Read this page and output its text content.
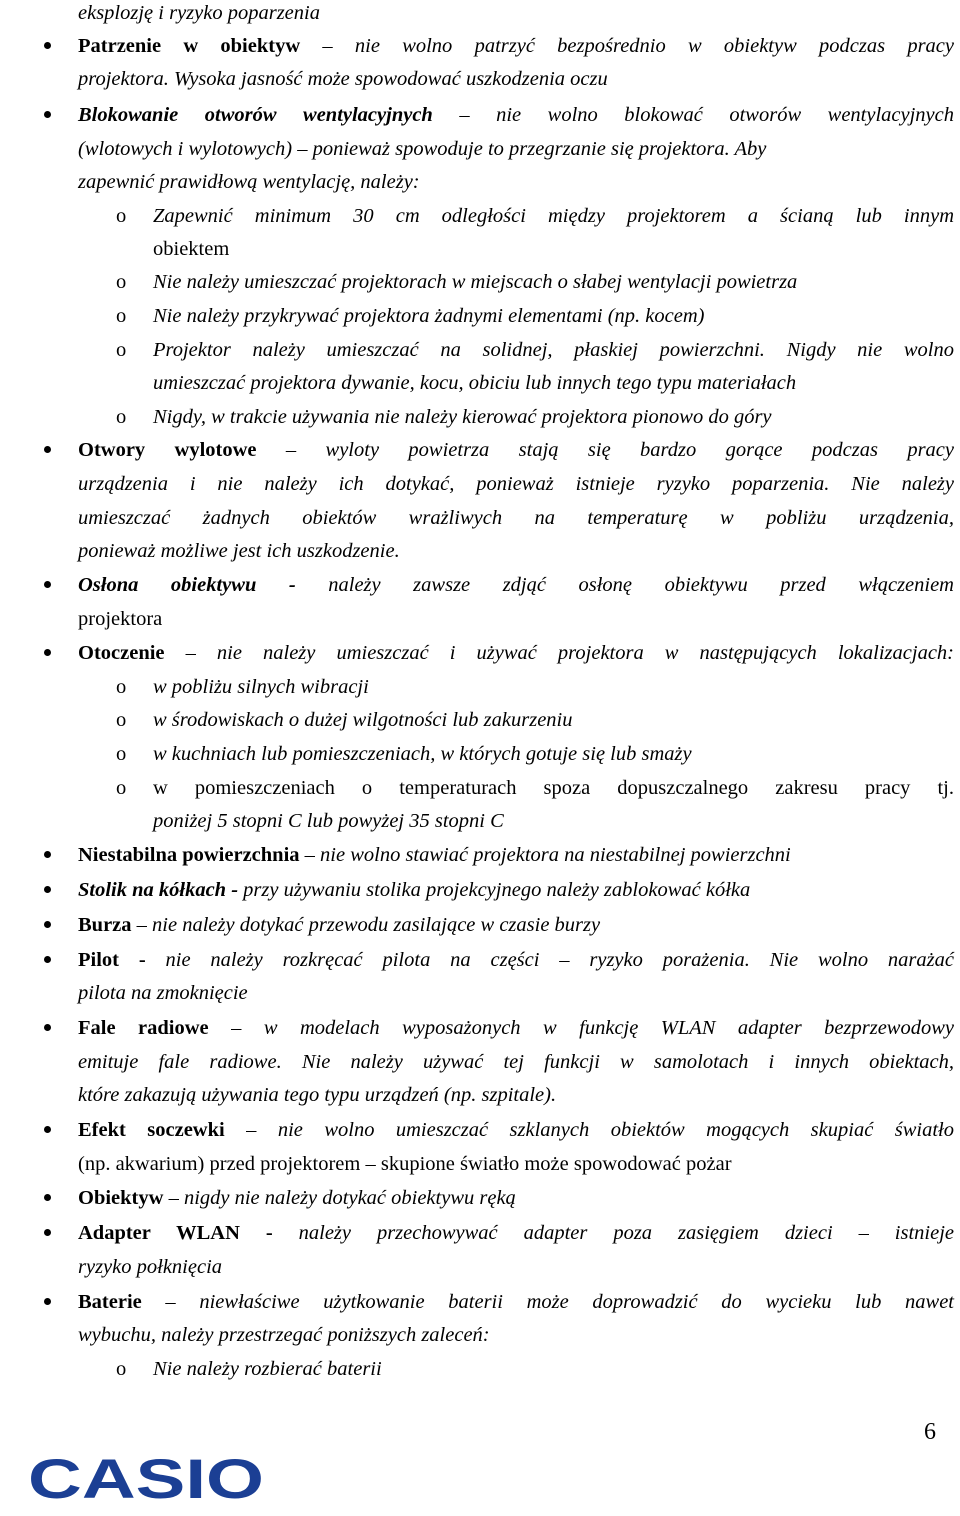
eksplozję i ryzyko poparzenia
Patrzenie w obiektyw – nie wolno patrzyć bezpośrednio w obiektyw podczas pracy
projektora. Wysoka jasność może spowodować uszkodzenia oczu
Blokowanie otworów wentylacyjnych – nie wolno blokować otworów wentylacyjnych
(wlotowych i wylotowych) – ponieważ spowoduje to przegrzanie się projektora. Aby
zapewnić prawidłową wentylację, należy:
o Zapewnić minimum 30 cm odległości między projektorem a ścianą lub innym
obiektem
o Nie należy umieszczać projektorach w miejscach o słabej wentylacji powietrza
o Nie należy przykrywać projektora żadnymi elementami (np. kocem)
o Projektor należy umieszczać na solidnej, płaskiej powierzchni. Nigdy nie wolno
umieszczać projektora dywanie, kocu, obiciu lub innych tego typu materiałach
o Nigdy, w trakcie używania nie należy kierować projektora pionowo do góry
Otwory wylotowe – wyloty powietrza stają się bardzo gorące podczas pracy
urządzenia i nie należy ich dotykać, ponieważ istnieje ryzyko poparzenia. Nie należy
umieszczać żadnych obiektów wrażliwych na temperaturę w pobliżu urządzenia,
ponieważ możliwe jest ich uszkodzenie.
Osłona obiektywu - należy zawsze zdjąć osłonę obiektywu przed włączeniem
projektora
Otoczenie – nie należy umieszczać i używać projektora w następujących lokalizacjach:
o w pobliżu silnych wibracji
o w środowiskach o dużej wilgotności lub zakurzeniu
o w kuchniach lub pomieszczeniach, w których gotuje się lub smaży
o w pomieszczeniach o temperaturach spoza dopuszczalnego zakresu pracy tj.
poniżej 5 stopni C lub powyżej 35 stopni C
Niestabilna powierzchnia – nie wolno stawiać projektora na niestabilnej powierzchni
Stolik na kółkach - przy używaniu stolika projekcyjnego należy zablokować kółka
Burza – nie należy dotykać przewodu zasilające w czasie burzy
Pilot - nie należy rozkręcać pilota na części – ryzyko porażenia. Nie wolno narażać
pilota na zmoknięcie
Fale radiowe – w modelach wyposażonych w funkcję WLAN adapter bezprzewodowy
emituje fale radiowe. Nie należy używać tej funkcji w samolotach i innych obiektach,
które zakazują używania tego typu urządzeń (np. szpitale).
Efekt soczewki – nie wolno umieszczać szklanych obiektów mogących skupiać światło
(np. akwarium) przed projektorem – skupione światło może spowodować pożar
Obiektyw – nigdy nie należy dotykać obiektywu ręką
Adapter WLAN - należy przechowywać adapter poza zasięgiem dzieci – istnieje
ryzyko połknięcia
Baterie – niewłaściwe użytkowanie baterii może doprowadzić do wycieku lub nawet
wybuchu, należy przestrzegać poniższych zaleceń:
o Nie należy rozbierać baterii
6
CASIO
